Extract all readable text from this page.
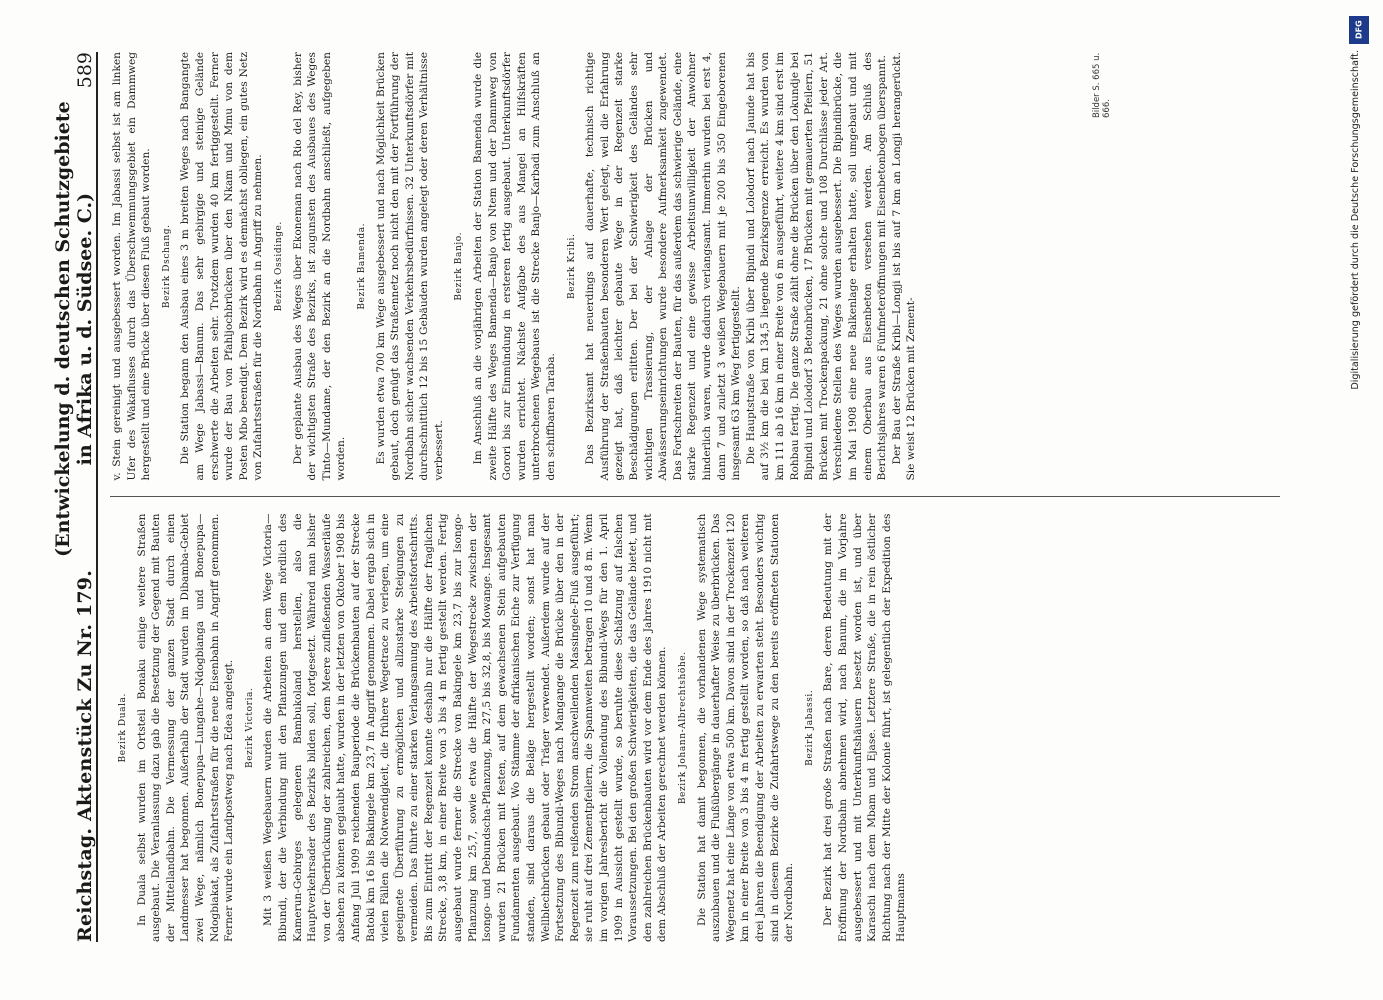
Reichstag. Aktenstück Zu Nr. 179.
(Entwickelung d. deutschen Schutzgebiete in Afrika u. d. Südsee. C.)
589
Bezirk Duala. In Duala selbst wurden im Ortsteil Bonaku einige weitere Straßen ausgebaut. Die Veranlassung dazu gab die Besetzung der Gegend mit Bauten der Mittellandbahn. Die Vermessung der ganzen Stadt durch einen Landmesser hat begonnen. Außerhalb der Stadt wurden im Dibamba-Gebiet zwei Wege, nämlich Bonepupa—Lungahe—Ndogbianga und Bonepupa—Ndogbiakat, als Zufahrtsstraßen für die neue Eisenbahn in Angriff genommen. Ferner wurde ein Landpostweg nach Edea angelegt. Bezirk Victoria. Mit 3 weißen Wegebauern wurden die Arbeiten an dem Wege Victoria—Bibundi, der die Verbindung mit den Pflanzungen und dem nördlich des Kamerun-Gebirges gelegenen Bambukoland herstellen, also die Hauptverkehrsader des Bezirks bilden soll, fortgesetzt. Während man bisher von der Überbrückung der zahlreichen, dem Meere zufließenden Wasserläufe absehen zu können geglaubt hatte, wurden in der letzten von Oktober 1908 bis Anfang Juli 1909 reichenden Bauperiode die Brückenbauten auf der Strecke Batoki km 16 bis Bakingele km 23,7 in Angriff genommen. Dabei ergab sich in vielen Fällen die Notwendigkeit, die frühere Wegetrace zu verlegen, um eine geeignete Überführung zu ermöglichen und allzustarke Steigungen zu vermeiden. Das führte zu einer starken Verlangsamung des Arbeitsfortschritts. Bis zum Eintritt der Regenzeit konnte deshalb nur die Hälfte der fraglichen Strecke, 3,8 km, in einer Breite von 3 bis 4 m fertig gestellt werden. Fertig ausgebaut wurde ferner die Strecke von Bakingele km 23,7 bis zur Isongo-Pflanzung km 25,7, sowie etwa die Hälfte der Wegestrecke zwischen der Isongo- und Debundscha-Pflanzung, km 27,5 bis 32,8, bis Mowange. Insgesamt wurden 21 Brücken mit festen, auf dem gewachsenen Stein aufgebauten Fundamenten ausgebaut. Wo Stämme der afrikanischen Eiche zur Verfügung standen, sind daraus die Beläge hergestellt worden; sonst hat man Wellblechbrücken gebaut oder Träger verwendet. Außerdem wurde auf der Fortsetzung des Bibundi-Weges nach Mangange die Brücke über den in der Regenzeit zum reißenden Strom anschwellenden Massingele-Fluß ausgeführt; sie ruht auf drei Zementpfeilern, die Spannweiten betragen 10 und 8 m. Wenn im vorigen Jahresbericht die Vollendung des Bibundi-Wegs für den 1. April 1909 in Aussicht gestellt wurde, so beruhte diese Schätzung auf falschen Voraussetzungen. Bei den großen Schwierigkeiten, die das Gelände bietet, und den zahlreichen Brückenbauten wird vor dem Ende des Jahres 1910 nicht mit dem Abschluß der Arbeiten gerechnet werden können. Bezirk Johann-Albrechtshöhe. Die Station hat damit begonnen, die vorhandenen Wege systematisch auszubauen und die Flußübergänge in dauerhafter Weise zu überbrücken. Das Wegenetz hat eine Länge von etwa 500 km. Davon sind in der Trockenzeit 120 km in einer Breite von 3 bis 4 m fertig gestellt worden, so daß nach weiteren drei Jahren die Beendigung der Arbeiten zu erwarten steht. Besonders wichtig sind in diesem Bezirke die Zufahrtswege zu den bereits eröffneten Stationen der Nordbahn.

Bezirk Jabassi. Der Bezirk hat drei große Straßen nach Bare, deren Bedeutung mit der Eröffnung der Nordbahn abnehmen wird, nach Banum, die im Vorjahre ausgebessert und mit Unterkunftshäusern besetzt worden ist, und über Karaschi nach dem Mbam und Ejase. Letztere Straße, die in rein östlicher Richtung nach der Mitte der Kolonie führt, ist gelegentlich der Expedition des Hauptmanns

v. Stein gereinigt und ausgebessert worden. Im Jabassi selbst ist am linken Ufer des Wakaflusses durch das Überschwemmungsgebiet ein Dammweg hergestellt und eine Brücke über diesen Fluß gebaut worden. Bezirk Dschang. Die Station begann den Ausbau eines 3 m breiten Weges nach Bangangte am Wege Jabassi—Banum. Das sehr gebirgige und steinige Gelände erschwerte die Arbeiten sehr. Trotzdem wurden 40 km fertiggestellt. Ferner wurde der Bau von Pfahljochbrücken über den Nkam und Mmu von dem Posten Mbo beendigt. Dem Bezirk wird es demnächst obliegen, ein gutes Netz von Zufahrtsstraßen für die Nordbahn in Angriff zu nehmen. Bezirk Ossidinge. Der geplante Ausbau des Weges über Ekoneman nach Rio del Rey, bisher der wichtigsten Straße des Bezirks, ist zugunsten des Ausbaues des Weges Tinto—Mundame, der den Bezirk an die Nordbahn anschließt, aufgegeben worden.

Bezirk Bamenda. Es wurden etwa 700 km Wege ausgebessert und nach Möglichkeit Brücken gebaut, doch genügt das Straßennetz noch nicht den mit der Fortführung der Nordbahn sicher wachsenden Verkehrsbedürfnissen. 32 Unterkunftsdörfer mit durchschnittlich 12 bis 15 Gebäuden wurden angelegt oder deren Verhältnisse verbessert.

Bezirk Banjo. Im Anschluß an die vorjährigen Arbeiten der Station Bamenda wurde die zweite Hälfte des Weges Bamenda—Banjo von Ntem und der Dammweg von Gorori bis zur Einmündung in ersteren fertig ausgebaut. Unterkunftsdörfer wurden errichtet. Nächste Aufgabe des aus Mangel an Hilfskräften unterbrochenen Wegebaues ist die Strecke Banjo—Karbadi zum Anschluß an den schiffbaren Taraba.

Bezirk Kribi. Das Bezirksamt hat neuerdings auf dauerhafte, technisch richtige Ausführung der Straßenbauten besonderen Wert gelegt, weil die Erfahrung gezeigt hat, daß leichter gebaute Wege in der Regenzeit starke Beschädigungen erlitten. Der bei der Schwierigkeit des Geländes sehr wichtigen Trassierung, der Anlage der Brücken und Abwässerungseinrichtungen wurde besondere Aufmerksamkeit zugewendet. Das Fortschreiten der Bauten, für das außerdem das schwierige Gelände, eine starke Regenzeit und eine gewisse Arbeitsunwilligkeit der Anwohner hinderlich waren, wurde dadurch verlangsamt. Immerhin wurden bei erst 4, dann 7 und zuletzt 3 weißen Wegebauern mit je 200 bis 350 Eingeborenen insgesamt 63 km Weg fertiggestellt. Die Hauptstraße von Kribi über Bipindi und Lolodorf nach Jaunde hat bis auf 3½ km die bei km 134,5 liegende Bezirksgrenze erreicht. Es wurden von km 111 ab 16 km in einer Breite von 6 m ausgeführt, weitere 4 km sind erst im Rohbau fertig. Die ganze Straße zählt ohne die Brücken über den Lokundje bei Bipindi und Lolodorf 3 Betonbrücken, 17 Brücken mit gemauerten Pfeilern, 51 Brücken mit Trockenpackung, 21 ohne solche und 108 Durchlässe jeder Art. Verschiedene Stellen des Weges wurden ausgebessert. Die Bipindibrücke, die im Mai 1908 eine neue Balkenlage erhalten hatte, soll umgebaut und mit einem Oberbau aus Eisenbeton versehen werden. Am Schluß des Berichtsjahres waren 6 Fünfmeteröffnungen mit Eisenbetonbogen überspannt. Der Bau der Straße Kribi—Longji ist bis auf 7 km an Longji herangerückt. Sie weist 12 Brücken mit Zement-

Bilder S. 665 u. 666.
DFG
Digitalisierung gefördert durch die Deutsche Forschungsgemeinschaft.
